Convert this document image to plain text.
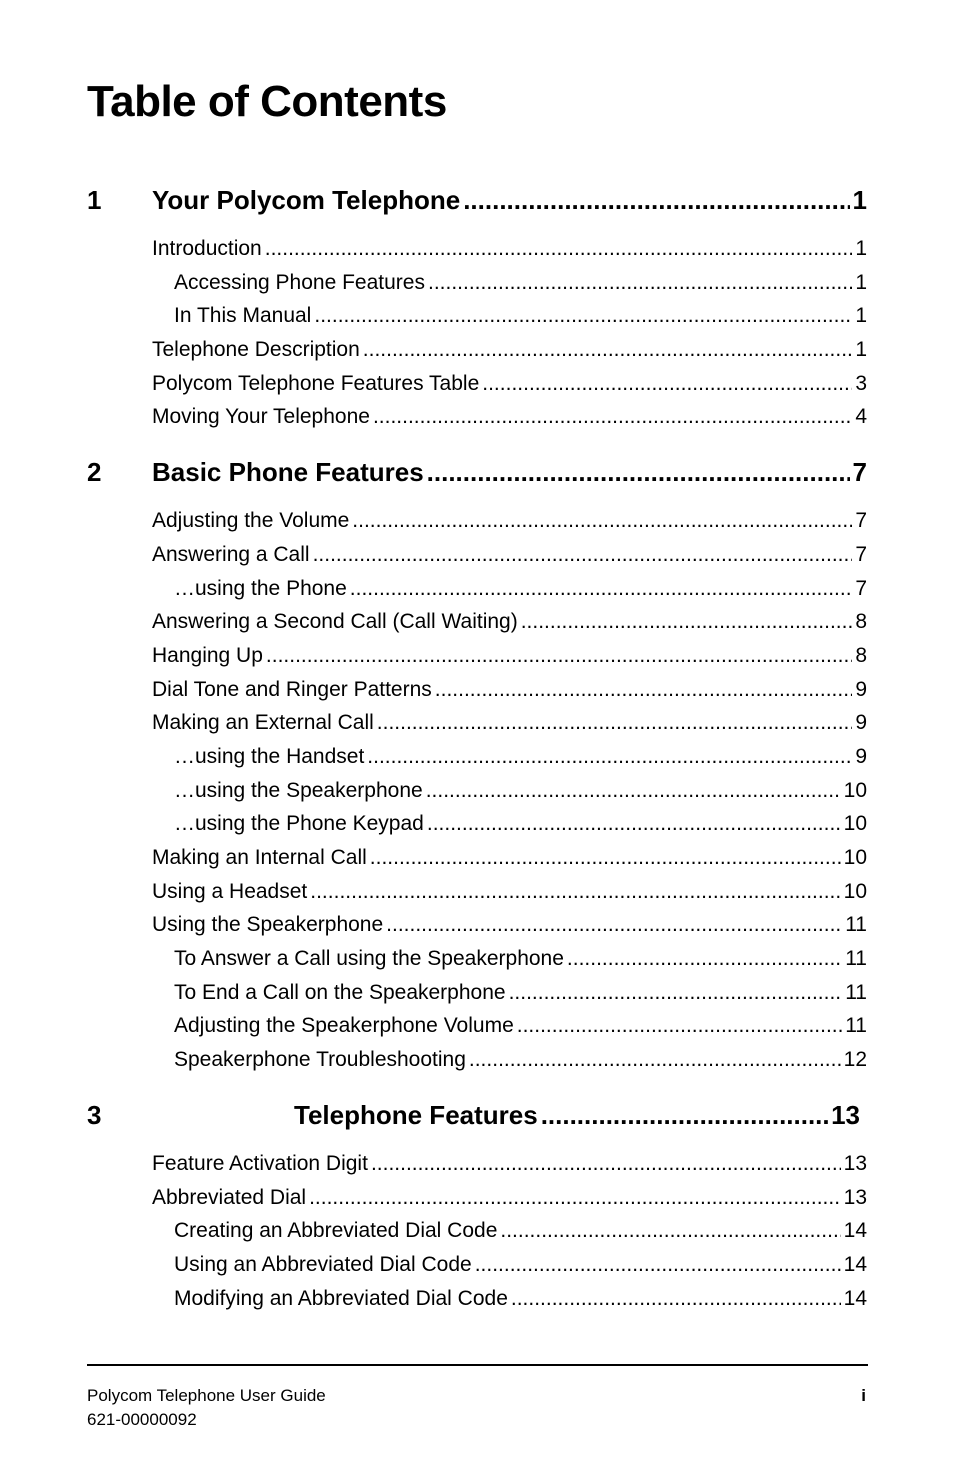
Table of Contents
1 Your Polycom Telephone .....	1
Introduction .....	1
Accessing Phone Features .....	1
In This Manual .....	1
Telephone Description .....	1
Polycom Telephone Features Table .....	3
Moving Your Telephone .....	4
2 Basic Phone Features .....	7
Adjusting the Volume .....	7
Answering a Call .....	7
…using the Phone .....	7
Answering a Second Call (Call Waiting) .....	8
Hanging Up .....	8
Dial Tone and Ringer Patterns .....	9
Making an External Call .....	9
…using the Handset .....	9
…using the Speakerphone .....	10
…using the Phone Keypad .....	10
Making an Internal Call .....	10
Using a Headset .....	10
Using the Speakerphone .....	11
To Answer a Call using the Speakerphone .....	11
To End a Call on the Speakerphone .....	11
Adjusting the Speakerphone Volume .....	11
Speakerphone Troubleshooting .....	12
3	Telephone Features .....	13
Feature Activation Digit .....	13
Abbreviated Dial .....	13
Creating an Abbreviated Dial Code .....	14
Using an Abbreviated Dial Code .....	14
Modifying an Abbreviated Dial Code .....	14
Polycom Telephone User Guide
621-00000092
i
